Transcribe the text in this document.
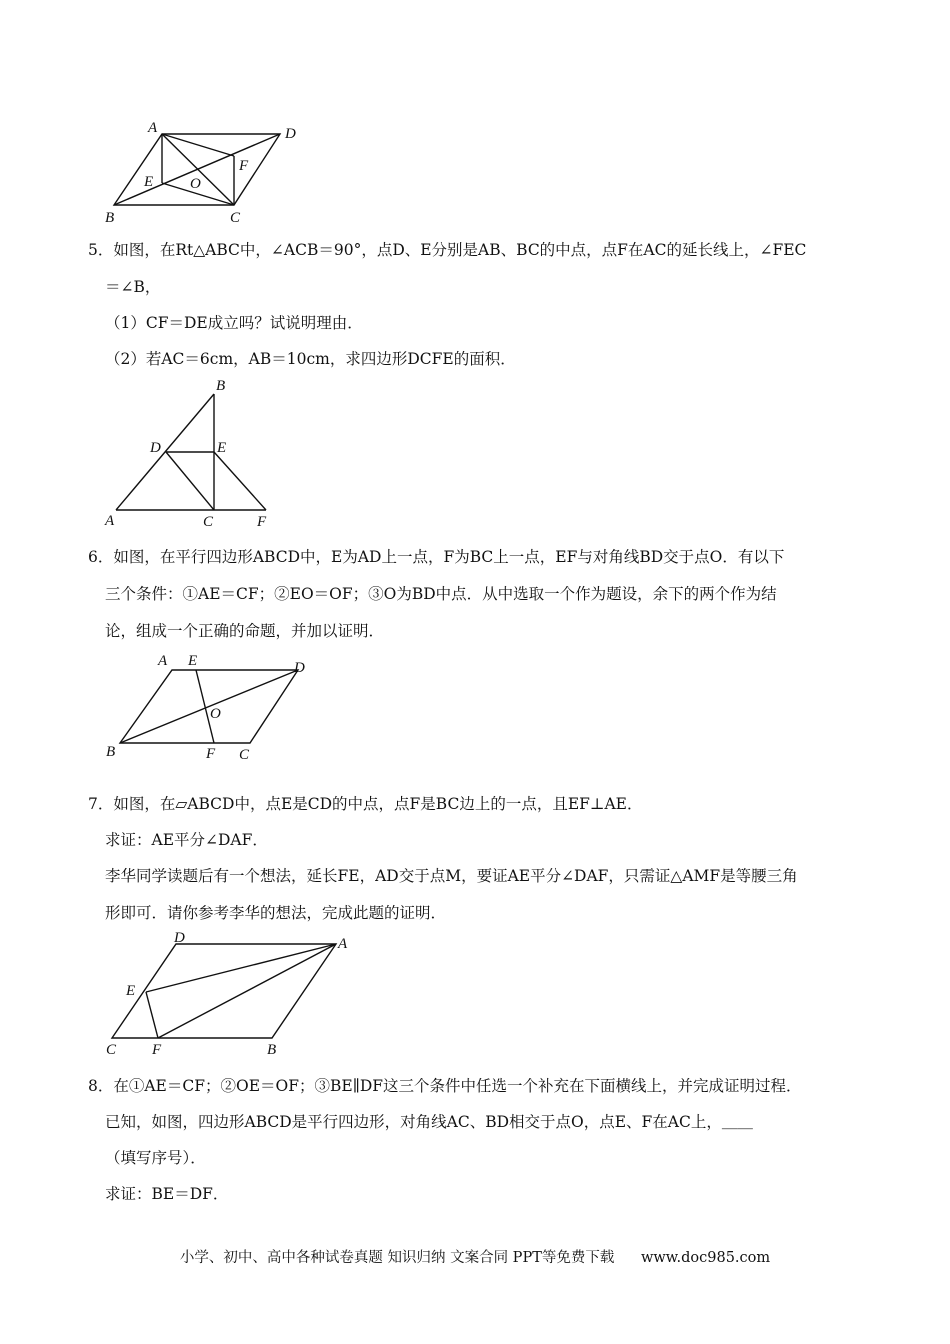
A	D
B	C
E
F
O
5．如图，在Rt△ABC中，∠ACB＝90°，点D、E分别是AB、BC的中点，点F在AC的延长线上，∠FEC
＝∠B，
（1）CF＝DE成立吗？试说明理由．
（2）若AC＝6cm，AB＝10cm，求四边形DCFE的面积．
B
D	E
A	C	F
6．如图，在平行四边形ABCD中，E为AD上一点，F为BC上一点，EF与对角线BD交于点O．有以下
三个条件：①AE＝CF；②EO＝OF；③O为BD中点．从中选取一个作为题设，余下的两个作为结
论，组成一个正确的命题，并加以证明．
A E	D
O
B	F C
7．如图，在▱ABCD中，点E是CD的中点，点F是BC边上的一点，且EF⊥AE．
求证：AE平分∠DAF．
李华同学读题后有一个想法，延长FE，AD交于点M，要证AE平分∠DAF，只需证△AMF是等腰三角
形即可．请你参考李华的想法，完成此题的证明．
D	A
E
C F	B
8．在①AE＝CF；②OE＝OF；③BE∥DF这三个条件中任选一个补充在下面横线上，并完成证明过程．
已知，如图，四边形ABCD是平行四边形，对角线AC、BD相交于点O，点E、F在AC上，＿＿
（填写序号）．
求证：BE＝DF．
小学、初中、高中各种试卷真题 知识归纳 文案合同 PPT等免费下载 www.doc985.com
